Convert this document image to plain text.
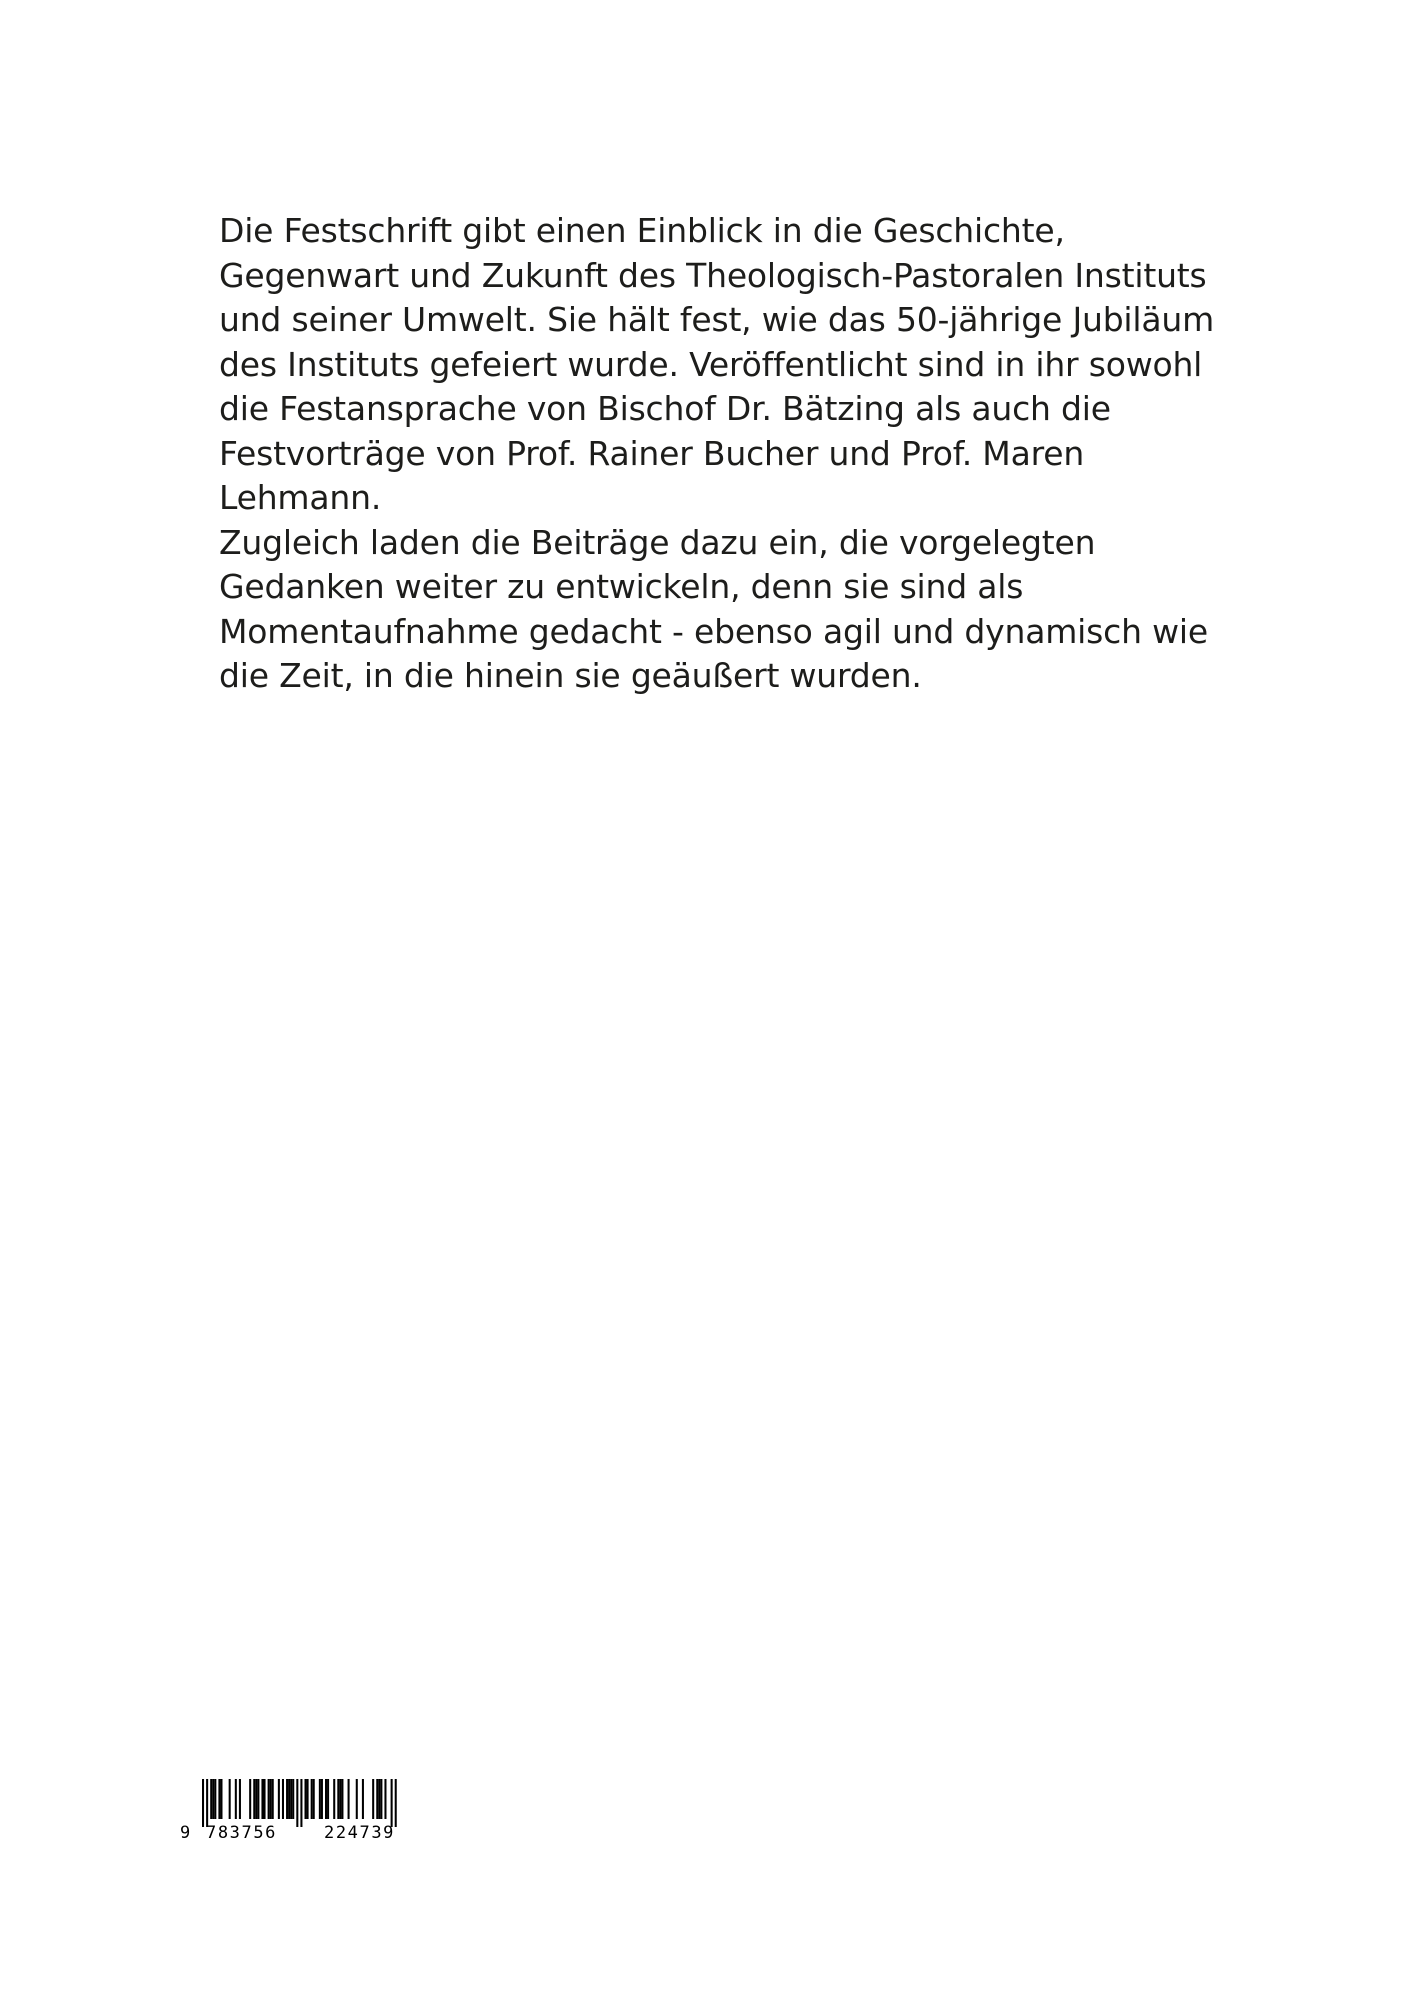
Die Festschrift gibt einen Einblick in die Geschichte,
Gegenwart und Zukunft des Theologisch-Pastoralen Instituts
und seiner Umwelt. Sie hält fest, wie das 50-jährige Jubiläum
des Instituts gefeiert wurde. Veröffentlicht sind in ihr sowohl
die Festansprache von Bischof Dr. Bätzing als auch die
Festvorträge von Prof. Rainer Bucher und Prof. Maren
Lehmann.
Zugleich laden die Beiträge dazu ein, die vorgelegten
Gedanken weiter zu entwickeln, denn sie sind als
Momentaufnahme gedacht - ebenso agil und dynamisch wie
die Zeit, in die hinein sie geäußert wurden.
9 783756	224739
